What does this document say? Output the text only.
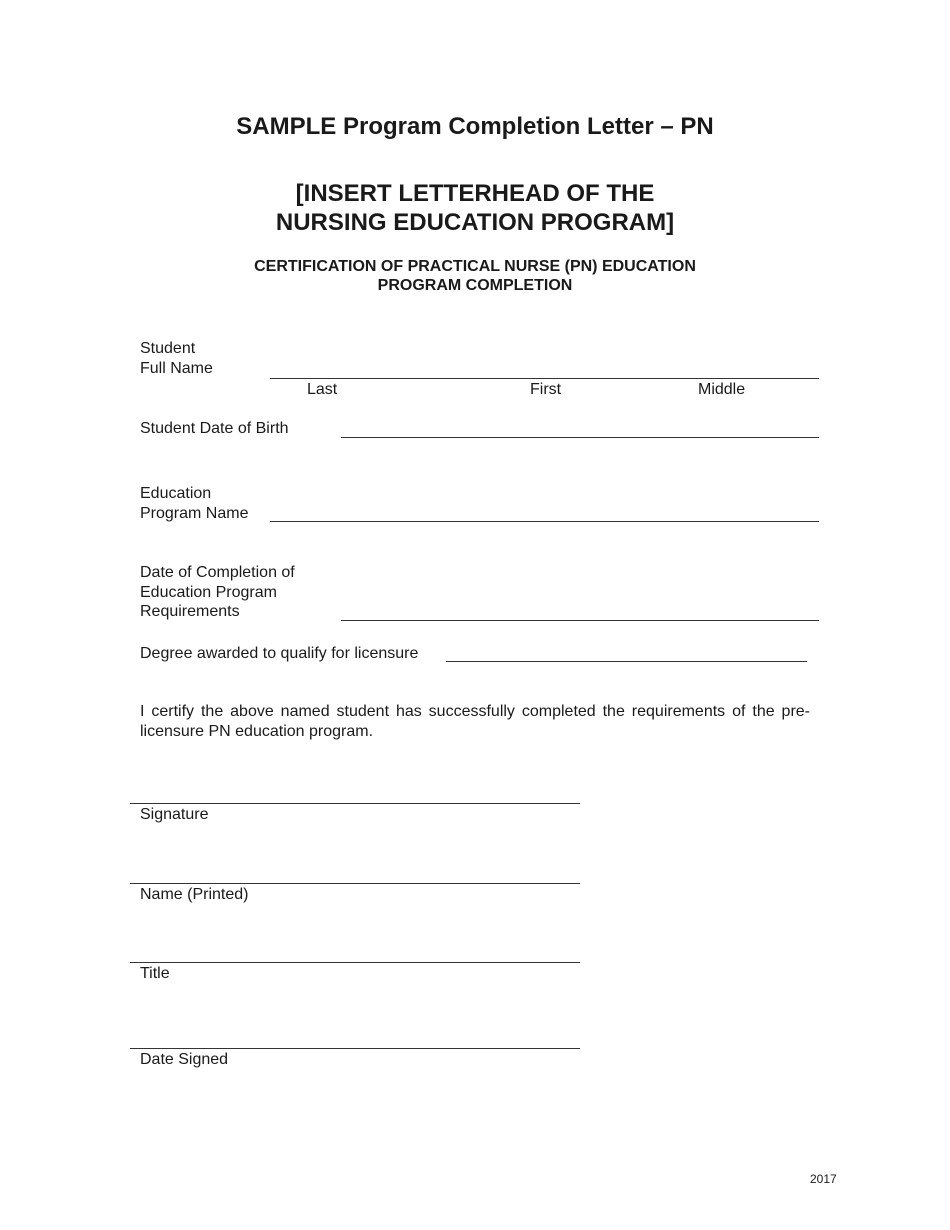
SAMPLE Program Completion Letter – PN
[INSERT LETTERHEAD OF THE
NURSING EDUCATION PROGRAM]
CERTIFICATION OF PRACTICAL NURSE (PN) EDUCATION
PROGRAM COMPLETION
Student
Full Name
Last	First	Middle
Student Date of Birth
Education
Program Name
Date of Completion of
Education Program
Requirements
Degree awarded to qualify for licensure
I certify the above named student has successfully completed the requirements of the pre-licensure PN education program.
Signature
Name (Printed)
Title
Date Signed
2017
